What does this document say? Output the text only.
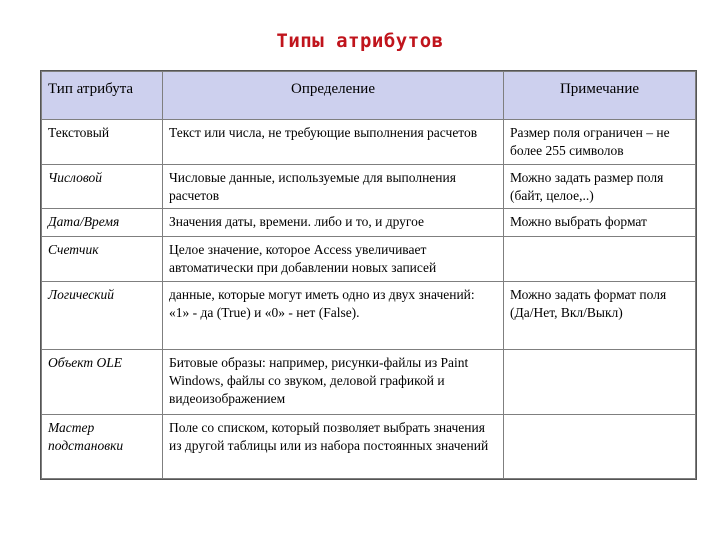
Типы атрибутов
Тип атрибута	Определение	Примечание
Текстовый	Текст или числа, не требующие выполнения расчетов	Размер поля ограничен – не более 255 символов
Числовой	Числовые данные, используемые для выполнения расчетов	Можно задать размер поля (байт, целое,..)
Дата/Время	Значения даты, времени. либо и то, и другое	Можно выбрать формат
Счетчик	Целое значение, которое Access увеличивает автоматически при добавлении новых записей	
Логический	данные, которые могут иметь одно из двух значений: «1» - да (True) и «0» - нет (False).	Можно задать формат поля (Да/Нет, Вкл/Выкл)
Объект OLE	Битовые образы: например, рисунки-файлы из Paint Windows, файлы со звуком, деловой графикой и видеоизображением	
Мастер подстановки	Поле со списком, который позволяет выбрать значения из другой таблицы или из набора постоянных значений	
